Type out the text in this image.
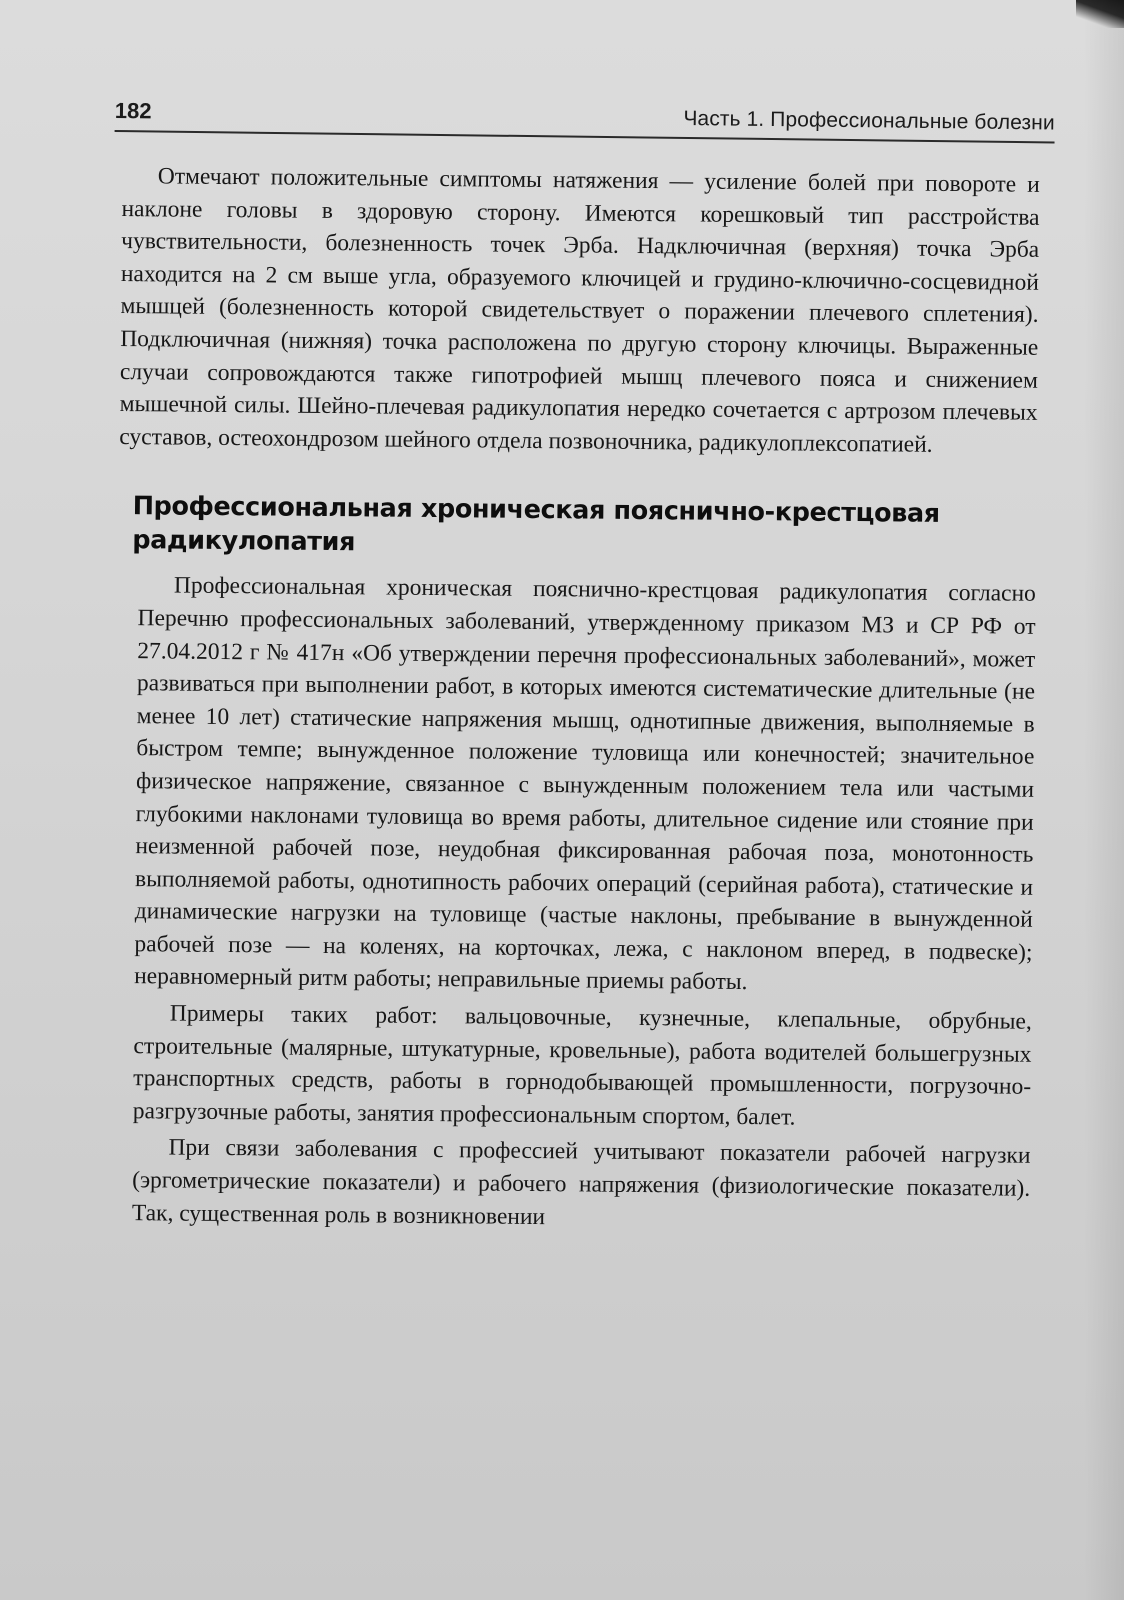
182	Часть 1. Профессиональные болезни

Отмечают положительные симптомы натяжения — усиление болей при повороте и наклоне головы в здоровую сторону. Имеются корешковый тип расстройства чувствительности, болезненность точек Эрба. Надключичная (верхняя) точка Эрба находится на 2 см выше угла, образуемого ключицей и грудино-ключично-сосцевидной мышцей (болезненность которой свидетельствует о поражении плечевого сплетения). Подключичная (нижняя) точка расположена по другую сторону ключицы. Выраженные случаи сопровождаются также гипотрофией мышц плечевого пояса и снижением мышечной силы. Шейно-плечевая радикулопатия нередко сочетается с артрозом плечевых суставов, остеохондрозом шейного отдела позвоночника, радикулоплексопатией.

Профессиональная хроническая пояснично-крестцовая радикулопатия

Профессиональная хроническая пояснично-крестцовая радикулопатия согласно Перечню профессиональных заболеваний, утвержденному приказом МЗ и СР РФ от 27.04.2012 г № 417н «Об утверждении перечня профессиональных заболеваний», может развиваться при выполнении работ, в которых имеются систематические длительные (не менее 10 лет) статические напряжения мышц, однотипные движения, выполняемые в быстром темпе; вынужденное положение туловища или конечностей; значительное физическое напряжение, связанное с вынужденным положением тела или частыми глубокими наклонами туловища во время работы, длительное сидение или стояние при неизменной рабочей позе, неудобная фиксированная рабочая поза, монотонность выполняемой работы, однотипность рабочих операций (серийная работа), статические и динамические нагрузки на туловище (частые наклоны, пребывание в вынужденной рабочей позе — на коленях, на корточках, лежа, с наклоном вперед, в подвеске); неравномерный ритм работы; неправильные приемы работы.

Примеры таких работ: вальцовочные, кузнечные, клепальные, обрубные, строительные (малярные, штукатурные, кровельные), работа водителей большегрузных транспортных средств, работы в горнодобывающей промышленности, погрузочно-разгрузочные работы, занятия профессиональным спортом, балет.

При связи заболевания с профессией учитывают показатели рабочей нагрузки (эргометрические показатели) и рабочего напряжения (физиологические показатели). Так, существенная роль в возникновении
